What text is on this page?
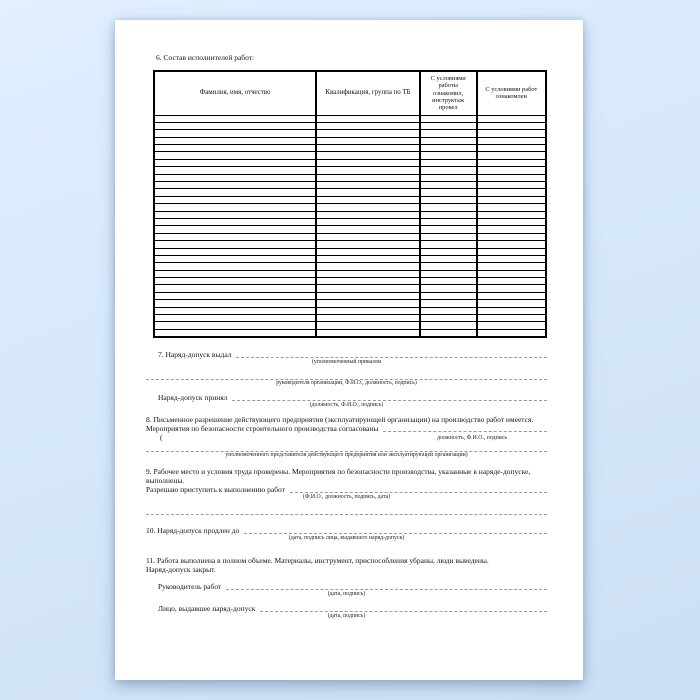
6. Состав исполнителей работ:
Фамилия, имя, отчество	Квалификация, группа по ТБ	С условиями работы ознакомил, инструктаж провел	С условиями работ ознакомлен

7. Наряд-допуск выдал
(уполномоченный приказом
руководителя организации, Ф.И.О., должность, подпись)
Наряд-допуск принял
(должность, Ф.И.О., подпись)

8. Письменное разрешение действующего предприятия (эксплуатирующей организации) на производство работ имеется.

Мероприятия по безопасности строительного производства согласованы
(	должность, Ф.И.О., подпись
уполномоченного представителя действующего предприятия или эксплуатирующей организации)

9. Рабочее место и условия труда проверены. Мероприятия по безопасности производства, указанные в наряде-допуске, выполнены.

Разрешаю приступить к выполнению работ
(Ф.И.О., должность, подпись, дата)
10. Наряд-допуск продлен до
(дата, подпись лица, выдавшего наряд-допуск)

11. Работа выполнена в полном объеме. Материалы, инструмент, приспособления убраны, люди выведены.

Наряд-допуск закрыт.

Руководитель работ
(дата, подпись)
Лицо, выдавшее наряд-допуск
(дата, подпись)
